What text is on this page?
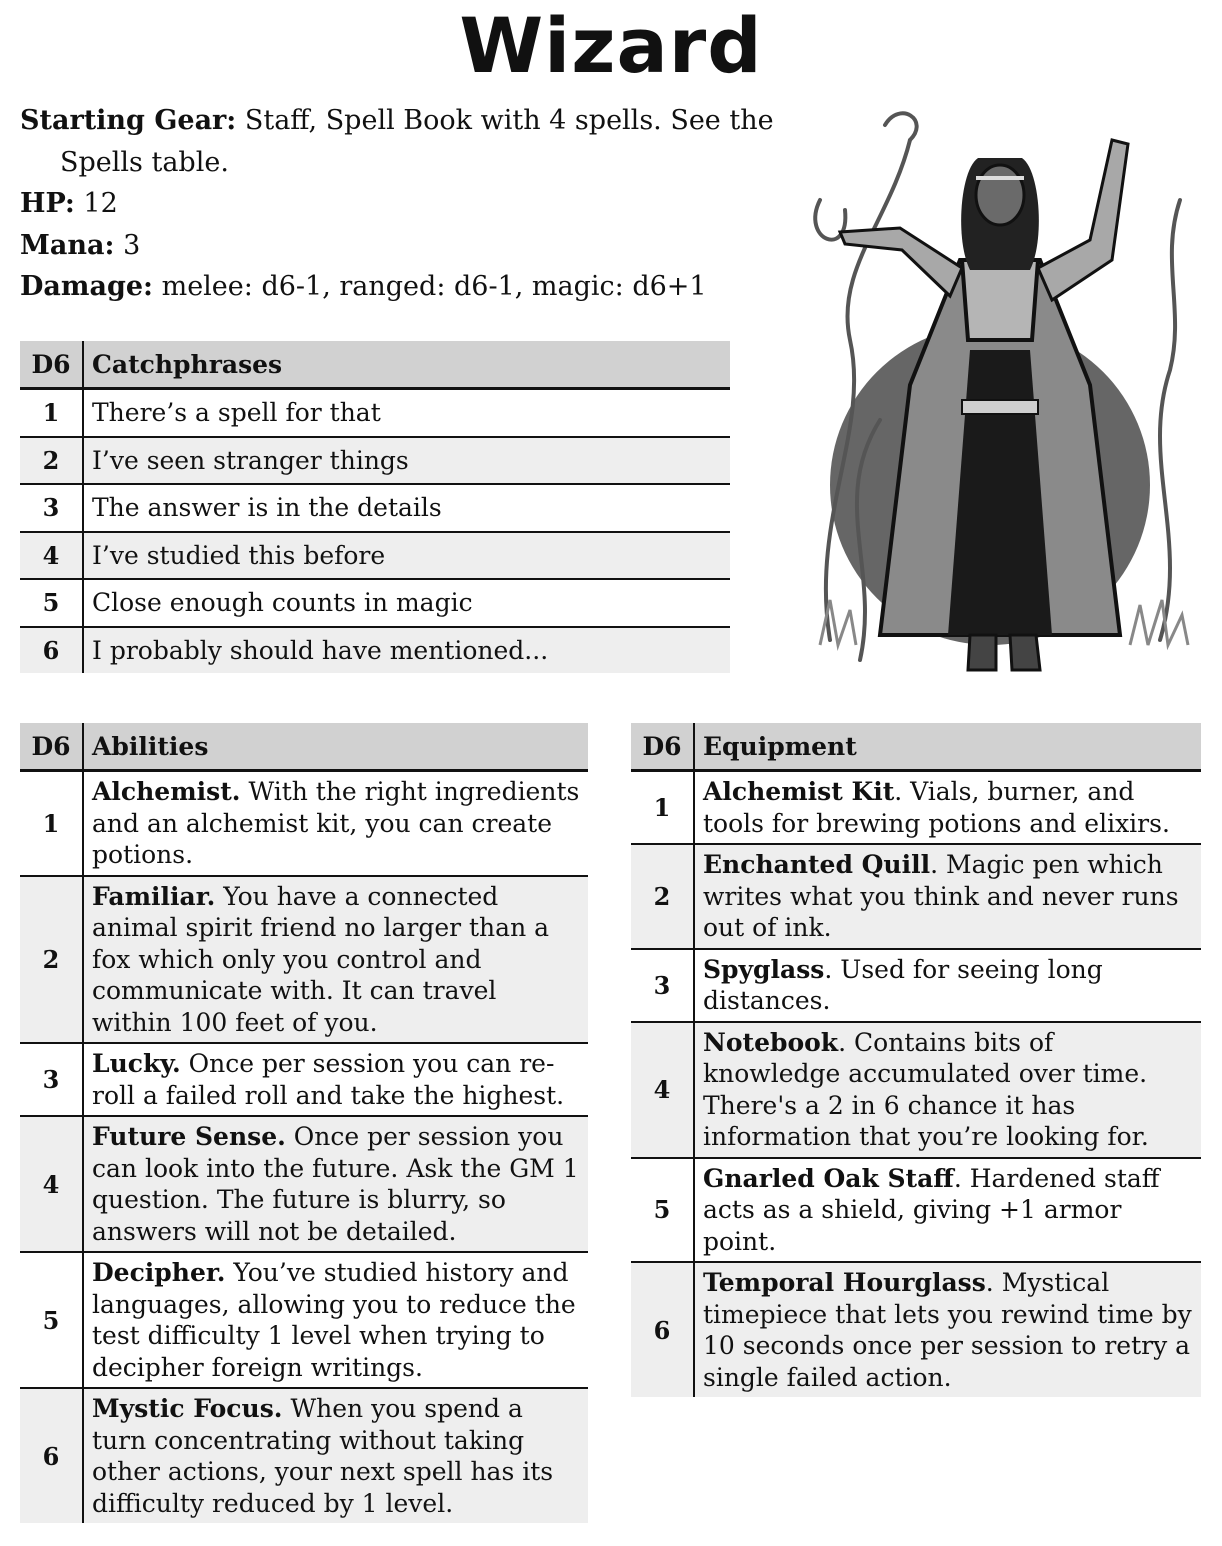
Wizard

Starting Gear: Staff, Spell Book with 4 spells. See the

Spells table.

HP: 12

Mana: 3

Damage: melee: d6-1, ranged: d6-1, magic: d6+1

D6	Catchphrases
1	There’s a spell for that
2	I’ve seen stranger things
3	The answer is in the details
4	I’ve studied this before
5	Close enough counts in magic
6	I probably should have mentioned...
D6	Abilities
1	Alchemist. With the right ingredients and an alchemist kit, you can create potions.
2	Familiar. You have a connected animal spirit friend no larger than a fox which only you control and communicate with. It can travel within 100 feet of you.
3	Lucky. Once per session you can re-roll a failed roll and take the highest.
4	Future Sense. Once per session you can look into the future. Ask the GM 1 question. The future is blurry, so answers will not be detailed.
5	Decipher. You’ve studied history and languages, allowing you to reduce the test difficulty 1 level when trying to decipher foreign writings.
6	Mystic Focus. When you spend a turn concentrating without taking other actions, your next spell has its difficulty reduced by 1 level.
D6	Equipment
1	Alchemist Kit. Vials, burner, and tools for brewing potions and elixirs.
2	Enchanted Quill. Magic pen which writes what you think and never runs out of ink.
3	Spyglass. Used for seeing long distances.
4	Notebook. Contains bits of knowledge accumulated over time. There's a 2 in 6 chance it has information that you’re looking for.
5	Gnarled Oak Staff. Hardened staff acts as a shield, giving +1 armor point.
6	Temporal Hourglass. Mystical timepiece that lets you rewind time by 10 seconds once per session to retry a single failed action.
